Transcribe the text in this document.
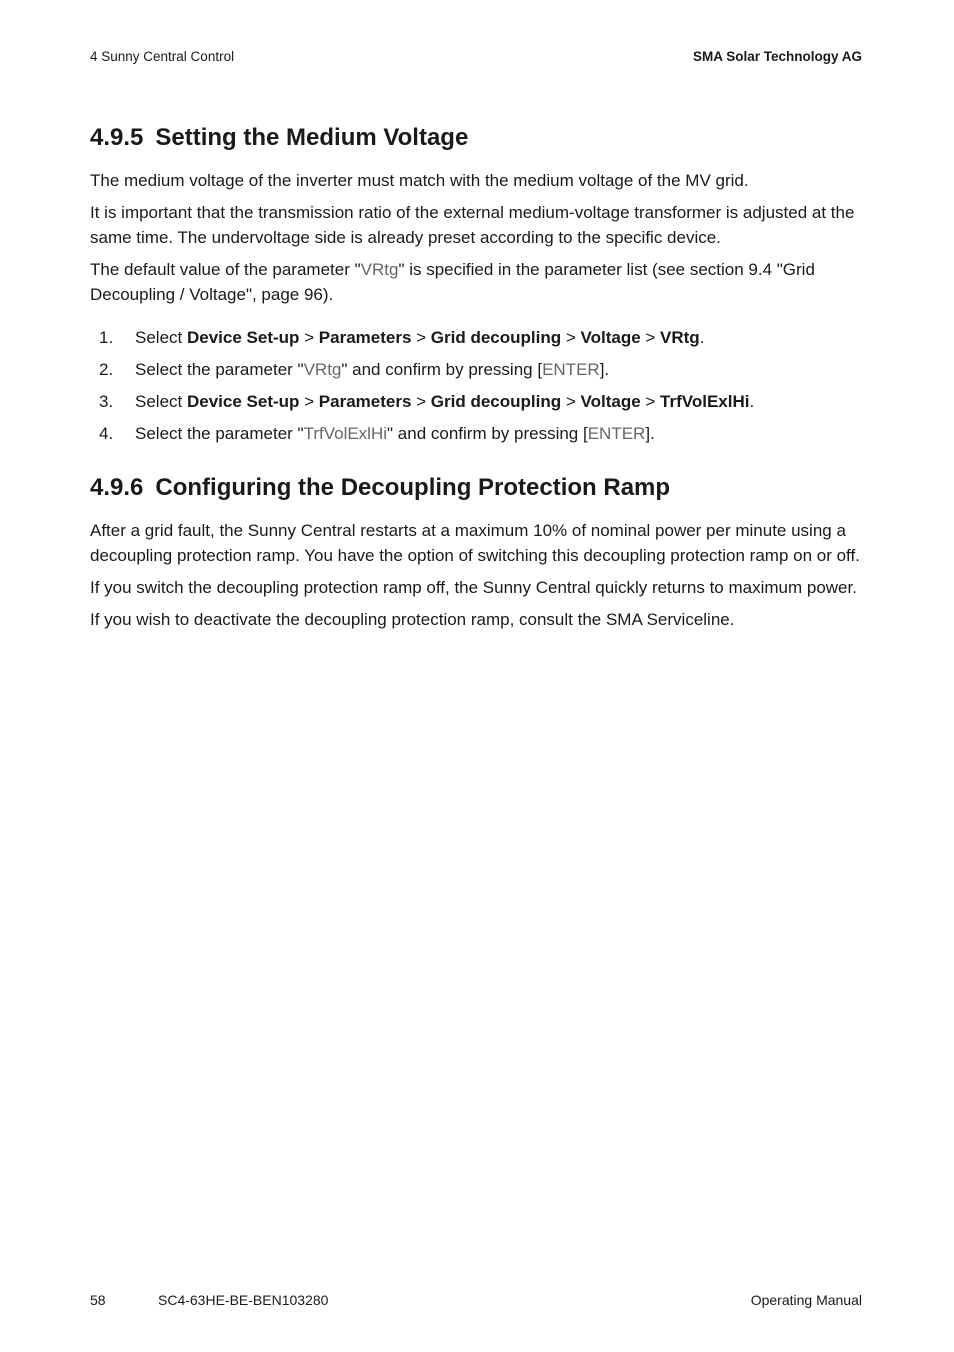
4 Sunny Central Control	SMA Solar Technology AG
4.9.5 Setting the Medium Voltage

The medium voltage of the inverter must match with the medium voltage of the MV grid.

It is important that the transmission ratio of the external medium-voltage transformer is adjusted at the same time. The undervoltage side is already preset according to the specific device.

The default value of the parameter "VRtg" is specified in the parameter list (see section 9.4 "Grid Decoupling / Voltage", page 96).

1. Select Device Set-up > Parameters > Grid decoupling > Voltage > VRtg.
2. Select the parameter "VRtg" and confirm by pressing [ENTER].
3. Select Device Set-up > Parameters > Grid decoupling > Voltage > TrfVolExlHi.
4. Select the parameter "TrfVolExlHi" and confirm by pressing [ENTER].
4.9.6 Configuring the Decoupling Protection Ramp

After a grid fault, the Sunny Central restarts at a maximum 10% of nominal power per minute using a decoupling protection ramp. You have the option of switching this decoupling protection ramp on or off.

If you switch the decoupling protection ramp off, the Sunny Central quickly returns to maximum power.

If you wish to deactivate the decoupling protection ramp, consult the SMA Serviceline.

58	SC4-63HE-BE-BEN103280	Operating Manual
